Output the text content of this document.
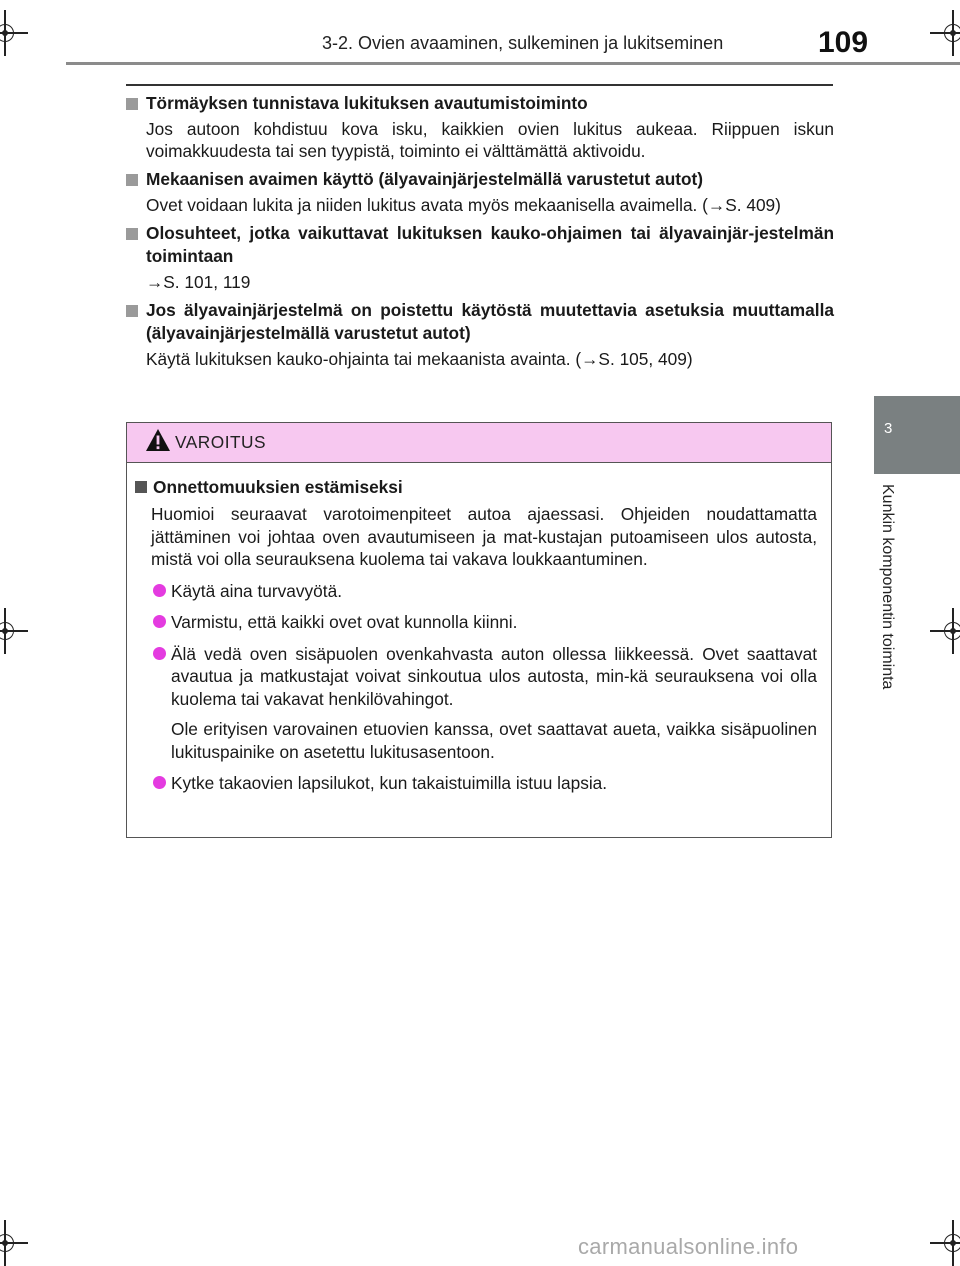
3-2. Ovien avaaminen, sulkeminen ja lukitseminen	109
3
Kunkin komponentin toiminta
Törmäyksen tunnistava lukituksen avautumistoiminto
Jos autoon kohdistuu kova isku, kaikkien ovien lukitus aukeaa. Riippuen iskun voimakkuudesta tai sen tyypistä, toiminto ei välttämättä aktivoidu.
Mekaanisen avaimen käyttö (älyavainjärjestelmällä varustetut autot)
Ovet voidaan lukita ja niiden lukitus avata myös mekaanisella avaimella. (→S. 409)
Olosuhteet, jotka vaikuttavat lukituksen kauko-ohjaimen tai älyavainjär-jestelmän toimintaan
→S. 101, 119
Jos älyavainjärjestelmä on poistettu käytöstä muutettavia asetuksia muuttamalla (älyavainjärjestelmällä varustetut autot)
Käytä lukituksen kauko-ohjainta tai mekaanista avainta. (→S. 105, 409)
VAROITUS
Onnettomuuksien estämiseksi
Huomioi seuraavat varotoimenpiteet autoa ajaessasi. Ohjeiden noudattamatta jättäminen voi johtaa oven avautumiseen ja mat-kustajan putoamiseen ulos autosta, mistä voi olla seurauksena kuolema tai vakava loukkaantuminen.
Käytä aina turvavyötä.
Varmistu, että kaikki ovet ovat kunnolla kiinni.
Älä vedä oven sisäpuolen ovenkahvasta auton ollessa liikkeessä. Ovet saattavat avautua ja matkustajat voivat sinkoutua ulos autosta, min-kä seurauksena voi olla kuolema tai vakavat henkilövahingot.
Ole erityisen varovainen etuovien kanssa, ovet saattavat aueta, vaikka sisäpuolinen lukituspainike on asetettu lukitusasentoon.
Kytke takaovien lapsilukot, kun takaistuimilla istuu lapsia.
carmanualsonline.info
